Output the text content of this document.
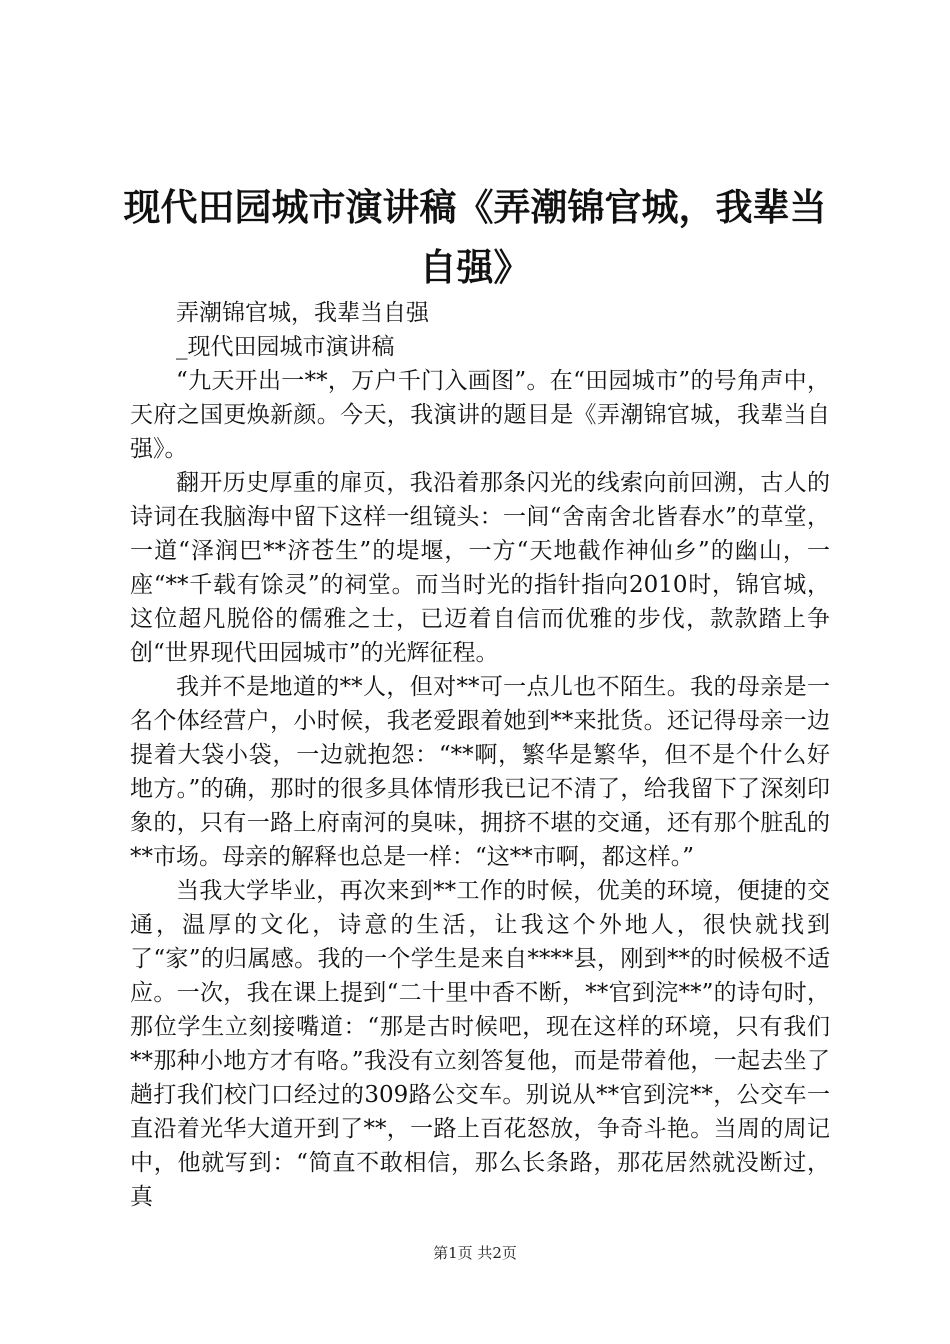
现代田园城市演讲稿《弄潮锦官城，我辈当自强》

弄潮锦官城，我辈当自强

_现代田园城市演讲稿

“九天开出一**，万户千门入画图”。在“田园城市”的号角声中，天府之国更焕新颜。今天，我演讲的题目是《弄潮锦官城，我辈当自强》。

翻开历史厚重的扉页，我沿着那条闪光的线索向前回溯，古人的诗词在我脑海中留下这样一组镜头：一间“舍南舍北皆春水”的草堂，一道“泽润巴**济苍生”的堤堰，一方“天地截作神仙乡”的幽山，一座“**千载有馀灵”的祠堂。而当时光的指针指向2010时，锦官城，这位超凡脱俗的儒雅之士，已迈着自信而优雅的步伐，款款踏上争创“世界现代田园城市”的光辉征程。

我并不是地道的**人，但对**可一点儿也不陌生。我的母亲是一名个体经营户，小时候，我老爱跟着她到**来批货。还记得母亲一边提着大袋小袋，一边就抱怨：“**啊，繁华是繁华，但不是个什么好地方。”的确，那时的很多具体情形我已记不清了，给我留下了深刻印象的，只有一路上府南河的臭味，拥挤不堪的交通，还有那个脏乱的**市场。母亲的解释也总是一样：“这**市啊，都这样。”

当我大学毕业，再次来到**工作的时候，优美的环境，便捷的交通，温厚的文化，诗意的生活，让我这个外地人，很快就找到了“家”的归属感。我的一个学生是来自****县，刚到**的时候极不适应。一次，我在课上提到“二十里中香不断，**官到浣**”的诗句时，那位学生立刻接嘴道：“那是古时候吧，现在这样的环境，只有我们**那种小地方才有咯。”我没有立刻答复他，而是带着他，一起去坐了趟打我们校门口经过的309路公交车。别说从**官到浣**，公交车一直沿着光华大道开到了**，一路上百花怒放，争奇斗艳。当周的周记中，他就写到：“简直不敢相信，那么长条路，那花居然就没断过，真

第1页 共2页
